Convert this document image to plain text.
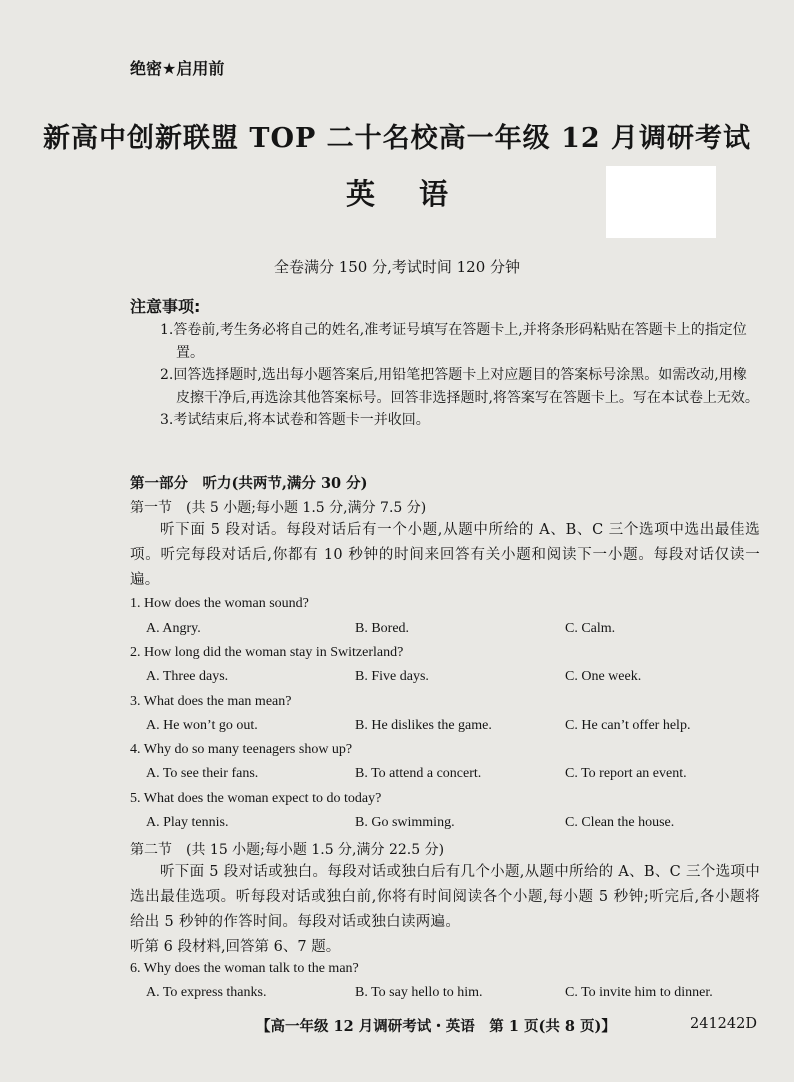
绝密★启用前
新高中创新联盟 TOP 二十名校高一年级 12 月调研考试
英语
全卷满分 150 分,考试时间 120 分钟
注意事项:

1.答卷前,考生务必将自己的姓名,准考证号填写在答题卡上,并将条形码粘贴在答题卡上的指定位置。

2.回答选择题时,选出每小题答案后,用铅笔把答题卡上对应题目的答案标号涂黑。如需改动,用橡皮擦干净后,再选涂其他答案标号。回答非选择题时,将答案写在答题卡上。写在本试卷上无效。

3.考试结束后,将本试卷和答题卡一并收回。

第一部分　听力(共两节,满分 30 分)
第一节　(共 5 小题;每小题 1.5 分,满分 7.5 分)
听下面 5 段对话。每段对话后有一个小题,从题中所给的 A、B、C 三个选项中选出最佳选项。听完每段对话后,你都有 10 秒钟的时间来回答有关小题和阅读下一小题。每段对话仅读一遍。
1. How does the woman sound?
A. Angry.	B. Bored.	C. Calm.
2. How long did the woman stay in Switzerland?
A. Three days.	B. Five days.	C. One week.
3. What does the man mean?
A. He won’t go out.	B. He dislikes the game.	C. He can’t offer help.
4. Why do so many teenagers show up?
A. To see their fans.	B. To attend a concert.	C. To report an event.
5. What does the woman expect to do today?
A. Play tennis.	B. Go swimming.	C. Clean the house.
第二节　(共 15 小题;每小题 1.5 分,满分 22.5 分)
听下面 5 段对话或独白。每段对话或独白后有几个小题,从题中所给的 A、B、C 三个选项中选出最佳选项。听每段对话或独白前,你将有时间阅读各个小题,每小题 5 秒钟;听完后,各小题将给出 5 秒钟的作答时间。每段对话或独白读两遍。
听第 6 段材料,回答第 6、7 题。
6. Why does the woman talk to the man?
A. To express thanks.	B. To say hello to him.	C. To invite him to dinner.
【高一年级 12 月调研考试・英语　第 1 页(共 8 页)】	241242D
